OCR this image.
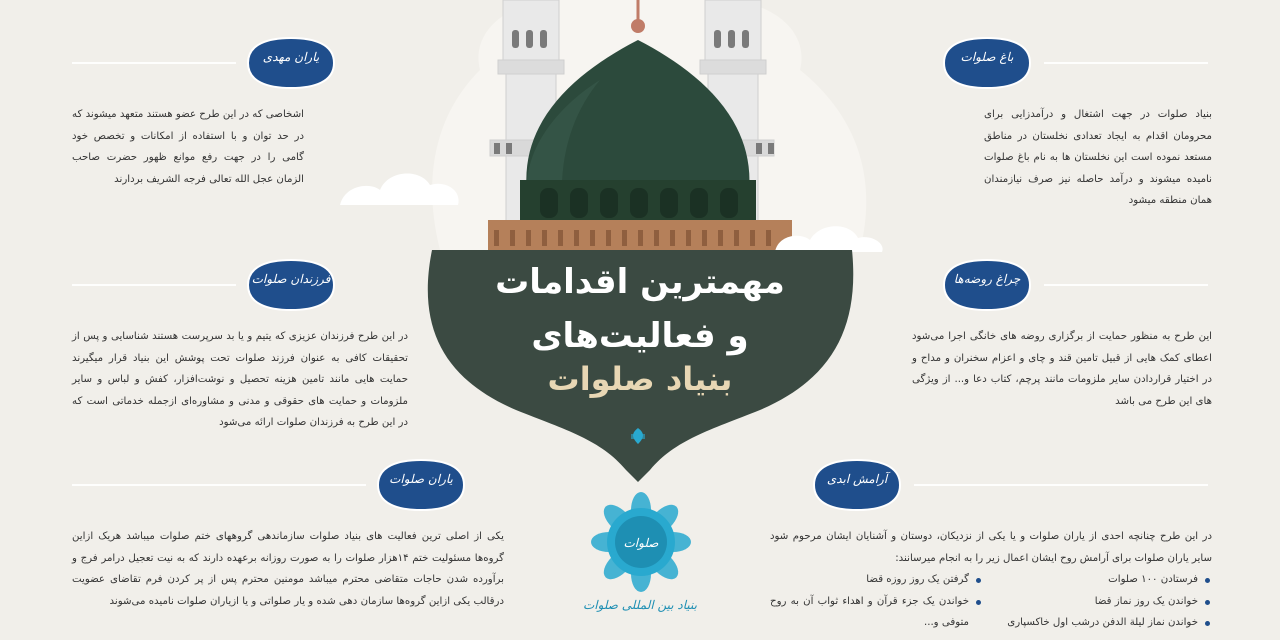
مهمترین اقدامات
و فعالیت‌های
بنیاد صلوات
صلوات
بنیاد بین المللی صلوات
باغ صلوات
یاران مهدی
فرزندان صلوات	چراغ روضه‌ها
یاران صلوات	آرامش ابدی

بنیاد صلوات در جهت اشتغال و درآمدزایی برای محرومان اقدام به ایجاد تعدادی نخلستان در مناطق مستعد نموده است این نخلستان ها به نام باغ صلوات نامیده میشوند و درآمد حاصله نیز صرف نیازمندان همان منطقه میشود

اشخاصی که در این طرح عضو هستند متعهد میشوند که در حد توان و با استفاده از امکانات و تخصص خود گامی را در جهت رفع موانع ظهور حضرت صاحب الزمان عجل الله تعالی فرجه الشریف بردارند

در این طرح فرزندان عزیزی که یتیم و یا بد سرپرست هستند شناسایی و پس از تحقیقات کافی به عنوان فرزند صلوات تحت پوشش این بنیاد قرار میگیرند حمایت هایی مانند تامین هزینه تحصیل و نوشت‌افزار، کفش و لباس و سایر ملزومات و حمایت های حقوقی و مدنی و مشاوره‌ای ازجمله خدماتی است که در این طرح به فرزندان صلوات ارائه می‌شود

این طرح به منظور حمایت از برگزاری روضه های خانگی اجرا می‌شود اعطای کمک هایی از قبیل تامین قند و چای و اعزام سخنران و مداح و در اختیار قراردادن سایر ملزومات مانند پرچم، کتاب دعا و... از ویژگی های این طرح می باشد

یکی از اصلی ترین فعالیت های بنیاد صلوات سازماندهی گروههای ختم صلوات میباشد هریک ازاین گروه‌ها مسئولیت ختم ۱۴هزار صلوات را به صورت روزانه برعهده دارند که به نیت تعجیل درامر فرج و برآورده شدن حاجات متقاضی محترم میباشد مومنین محترم پس از پر کردن فرم تقاضای عضویت درقالب یکی ازاین گروه‌ها سازمان دهی شده و یار صلواتی و یا ازیاران صلوات نامیده می‌شوند

در این طرح چنانچه احدی از یاران صلوات و یا یکی از نزدیکان، دوستان و آشنایان ایشان مرحوم شود سایر یاران صلوات برای آرامش روح ایشان اعمال زیر را به انجام میرسانند:

فرستادن ۱۰۰ صلوات
خواندن یک روز نماز قضا
خواندن نماز لیلة الدفن درشب اول خاکسپاری
گرفتن یک روز روزه قضا
خواندن یک جزء قرآن و اهداء ثواب آن به روح متوفی و...
